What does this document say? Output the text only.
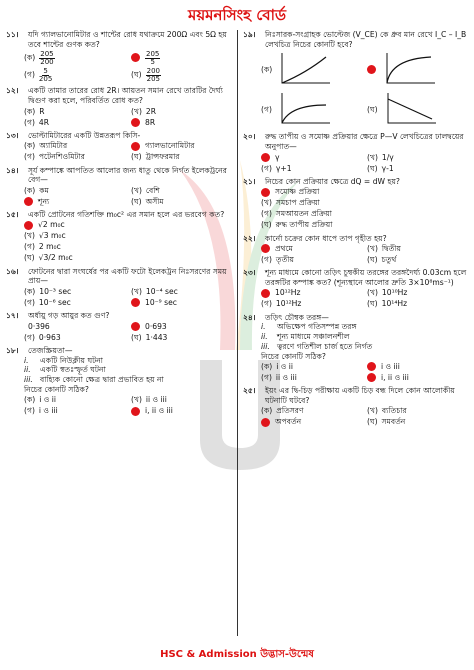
ময়মনসিংহ বোর্ড
১১।	যদি গ্যালভানোমিটার ও শান্টের রোধ যথাক্রমে 200Ω এবং 5Ω হয় তবে শান্টের গুণক কত?
(ক) $\frac{205}{200}$	$\frac{205}{5}$
(গ) $\frac{5}{205}$	(ঘ) $\frac{200}{205}$
১২।	একটি তামার তারের রোধ 2R। আয়তন সমান রেখে তারটির দৈর্ঘ্য দ্বিগুণ করা হলে, পরিবর্তিত রোধ কত?
(ক) R	(খ) 2R
(গ) 4R	8R
১৩।	ভোল্টামিটারের একটি উন্নতরূপ কিসি-
(ক) অ্যামিটার	গ্যালভানোমিটার
(গ) পটেনশিওমিটার	(ঘ) ট্রান্সফরমার
১৪।	সূর্য কম্পাঙ্কে আপতিত আলোর জন্য ধাতু থেকে নির্গত ইলেকট্রনের বেগ—
(ক) কম	(খ) বেশি
শূন্য	(ঘ) অসীম
১৫।	একটি প্রোটনের গতিশক্তি m₀c² এর সমান হলে এর ভরবেগ কত?
√2 m₀c
(খ) √3 m₀c
(গ) 2 m₀c
(ঘ) √3/2 m₀c
১৬।	ফোটনের দ্বারা সংঘর্ষের পর একটি ফটো ইলেকট্রন নিঃসরণের সময় প্রায়—
(ক) 10⁻³ sec	(খ) 10⁻⁴ sec
(গ) 10⁻⁶ sec	10⁻⁹ sec
১৭।	অর্ধায়ু গড় আয়ুর কত গুণ?
0·396	0·693
(গ) 0·963	(ঘ) 1·443
১৮।	তেজস্ক্রিয়তা—
i.	একটি নিউক্লীয় ঘটনা
ii.	একটি স্বতঃস্ফূর্ত ঘটনা
iii. বাহ্যিক কোনো ক্ষেত্র দ্বারা প্রভাবিত হয় না
নিচের কোনটি সঠিক?
(ক) i ও ii	(খ) ii ও iii
(গ) i ও iii	i, ii ও iii
১৯।	নিঃসারক-সংগ্রাহক ভোল্টেজ (V_CE) কে ধ্রুব মান রেখে I_C – I_B লেখচিত্র নিচের কোনটি হবে?
(ক)
(গ)	(ঘ)
২০।	রুদ্ধ তাপীয় ও সমোষ্ণ প্রক্রিয়ার ক্ষেত্রে P—V লেখচিত্রের ঢালদ্বয়ের অনুপাত—
γ	(খ) 1/γ
(গ) γ+1	(ঘ) γ-1
২১।	নিচের কোন প্রক্রিয়ার ক্ষেত্রে dQ = dW হয়?
সমোষ্ণ প্রক্রিয়া
(খ) সমচাপ প্রক্রিয়া
(গ) সমআয়তন প্রক্রিয়া
(ঘ) রুদ্ধ তাপীয় প্রক্রিয়া
২২।	কার্নো চক্রের কোন ধাপে তাপ গৃহীত হয়?
প্রথমে	(খ) দ্বিতীয়
(গ) তৃতীয়	(ঘ) চতুর্থ
২৩।	শূন্য মাধ্যমে কোনো তড়িৎ চুম্বকীয় তরঙ্গের তরঙ্গদৈর্ঘ্য 0.03cm হলে তরঙ্গটির কম্পাঙ্ক কত? (শূন্যস্থানে আলোর দ্রুতি 3×10⁸ms⁻¹)
10¹²Hz	(খ) 10¹⁰Hz
(গ) 10¹²Hz	(ঘ) 10¹⁴Hz
২৪।	তড়িৎ চৌম্বক তরঙ্গ—
i.	অভিক্ষেপ গতিসম্পন্ন তরঙ্গ
ii.	শূন্য মাধ্যমে সঞ্চালনশীল
iii. ত্বরণে গতিশীল চার্জ হতে নির্গত
নিচের কোনটি সঠিক?
(ক) i ও ii	i ও iii
(গ) ii ও iii	i, ii ও iii
২৫।	ইয়ং এর দ্বি-চিড় পরীক্ষায় একটি চিড় বন্ধ দিলে কোন আলোকীয় ঘটনাটি ঘটবে?
(ক) প্রতিসরণ	(খ) ব্যতিচার
অপবর্তন	(ঘ) সমবর্তন
HSC & Admission উদ্ভাস-উন্মেষ
